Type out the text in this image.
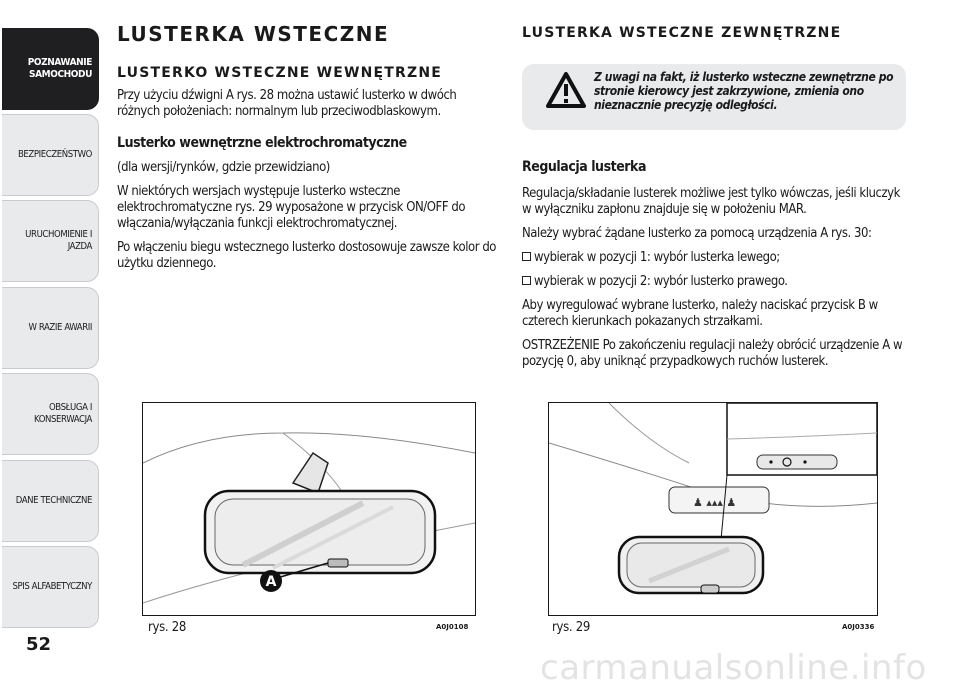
POZNAWANIE
SAMOCHODU
BEZPIECZEŃSTWO
URUCHOMIENIE I
JAZDA
W RAZIE AWARII
OBSŁUGA I
KONSERWACJA
DANE TECHNICZNE
SPIS ALFABETYCZNY
52
LUSTERKA WSTECZNE
LUSTERKO WSTECZNE WEWNĘTRZNE

Przy użyciu dźwigni A rys. 28 można ustawić lusterko w dwóch różnych położeniach: normalnym lub przeciwodblaskowym.

Lusterko wewnętrzne elektrochromatyczne

(dla wersji/rynków, gdzie przewidziano)

W niektórych wersjach występuje lusterko wsteczne elektrochromatyczne rys. 29 wyposażone w przycisk ON/OFF do włączania/wyłączania funkcji elektrochromatycznej.

Po włączeniu biegu wstecznego lusterko dostosowuje zawsze kolor do użytku dziennego.

LUSTERKA WSTECZNE ZEWNĘTRZNE
Z uwagi na fakt, iż lusterko wsteczne zewnętrzne po stronie kierowcy jest zakrzywione, zmienia ono nieznacznie precyzję odległości.

Regulacja lusterka

Regulacja/składanie lusterek możliwe jest tylko wówczas, jeśli kluczyk w wyłączniku zapłonu znajduje się w położeniu MAR.

Należy wybrać żądane lusterko za pomocą urządzenia A rys. 30:

wybierak w pozycji 1: wybór lusterka lewego;

wybierak w pozycji 2: wybór lusterko prawego.

Aby wyregulować wybrane lusterko, należy naciskać przycisk B w czterech kierunkach pokazanych strzałkami.

OSTRZEŻENIE Po zakończeniu regulacji należy obrócić urządzenie A w pozycję 0, aby uniknąć przypadkowych ruchów lusterek.

A
rys. 28	A0J0108
♟ ▴▴▴ ♟
rys. 29	A0J0336
carmanualsonline.info
